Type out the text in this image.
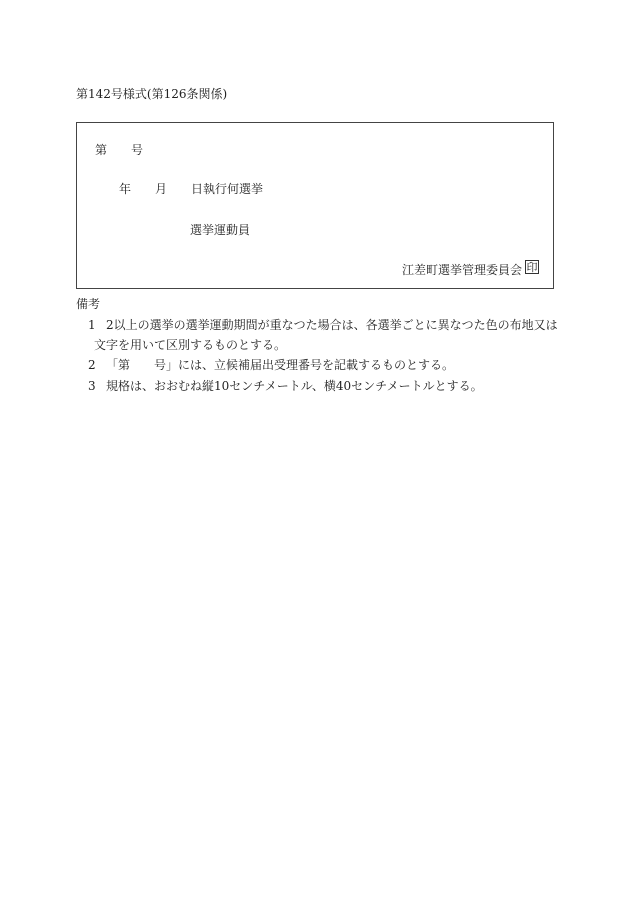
第142号様式(第126条関係)
第　　号
年　　月　　日執行何選挙
選挙運動員
江差町選挙管理委員会 印
備考
1 2以上の選挙の選挙運動期間が重なつた場合は、各選挙ごとに異なつた色の布地又は
文字を用いて区別するものとする。
2 「第　　号」には、立候補届出受理番号を記載するものとする。
3 規格は、おおむね縦10センチメートル、横40センチメートルとする。
